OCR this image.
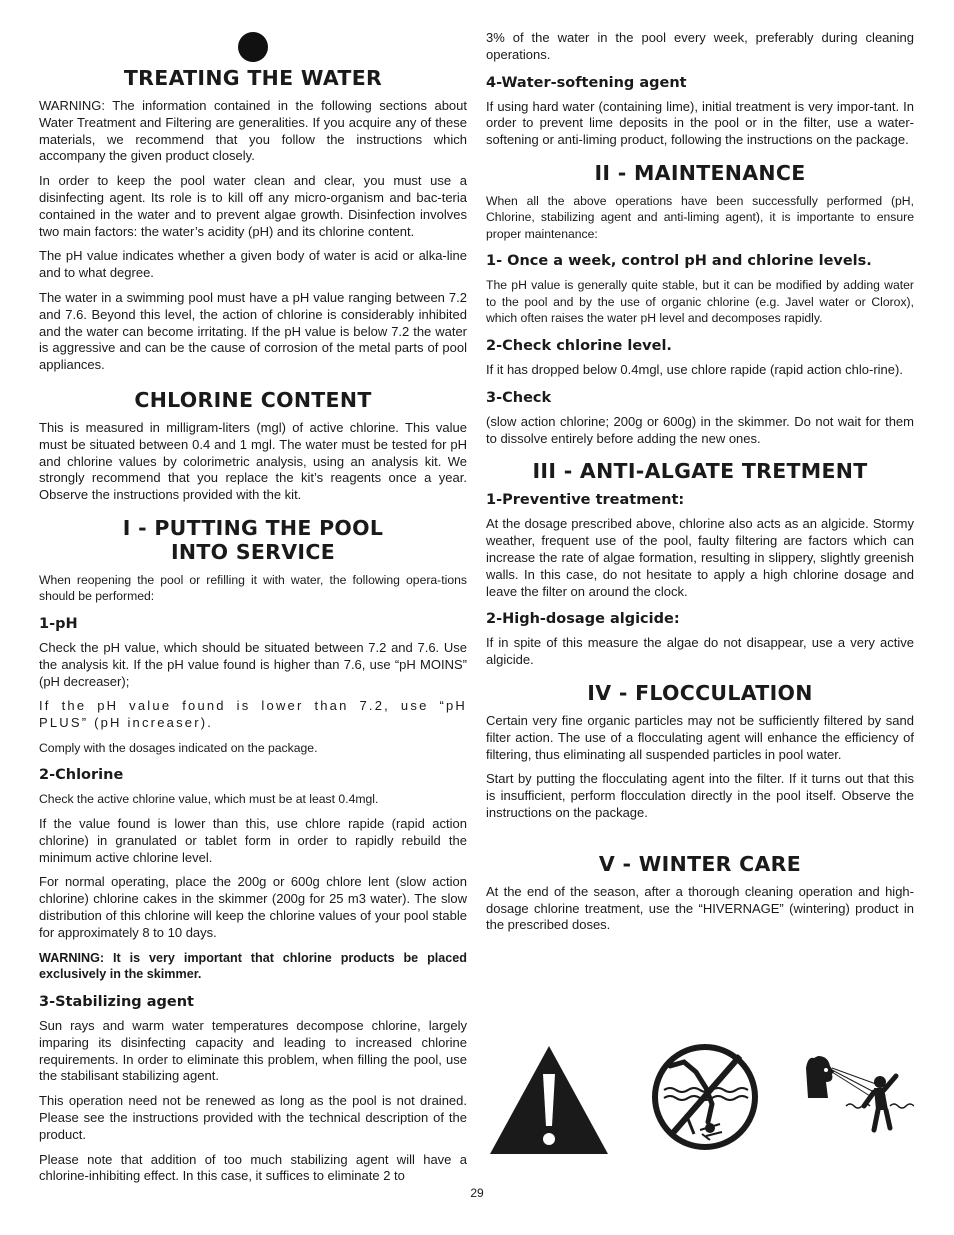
TREATING THE WATER

WARNING: The information contained in the following sections about Water Treatment and Filtering are generalities. If you acquire any of these materials, we recommend that you follow the instructions which accompany the given product closely.

In order to keep the pool water clean and clear, you must use a disinfecting agent. Its role is to kill off any micro-organism and bac-teria contained in the water and to prevent algae growth. Disinfection involves two main factors: the water’s acidity (pH) and its chlorine content.

The pH value indicates whether a given body of water is acid or alka-line and to what degree.

The water in a swimming pool must have a pH value ranging between 7.2 and 7.6. Beyond this level, the action of chlorine is considerably inhibited and the water can become irritating. If the pH value is below 7.2 the water is aggressive and can be the cause of corrosion of the metal parts of pool appliances.

CHLORINE CONTENT

This is measured in milligram-liters (mgl) of active chlorine. This value must be situated between 0.4 and 1 mgl. The water must be tested for pH and chlorine values by colorimetric analysis, using an analysis kit. We strongly recommend that you replace the kit’s reagents once a year. Observe the instructions provided with the kit.

I - PUTTING THE POOL
INTO SERVICE

When reopening the pool or refilling it with water, the following opera-tions should be performed:

1-pH

Check the pH value, which should be situated between 7.2 and 7.6. Use the analysis kit. If the pH value found is higher than 7.6, use “pH MOINS” (pH decreaser);

If the pH value found is lower than 7.2, use “pH PLUS” (pH increaser).

Comply with the dosages indicated on the package.

2-Chlorine

Check the active chlorine value, which must be at least 0.4mgl.

If the value found is lower than this, use chlore rapide (rapid action chlorine) in granulated or tablet form in order to rapidly rebuild the minimum active chlorine level.

For normal operating, place the 200g or 600g chlore lent (slow action chlorine) chlorine cakes in the skimmer (200g for 25 m3 water). The slow distribution of this chlorine will keep the chlorine values of your pool stable for approximately 8 to 10 days.

WARNING: It is very important that chlorine products be placed exclusively in the skimmer.

3-Stabilizing agent

Sun rays and warm water temperatures decompose chlorine, largely imparing its disinfecting capacity and leading to increased chlorine requirements. In order to eliminate this problem, when filling the pool, use the stabilisant stabilizing agent.

This operation need not be renewed as long as the pool is not drained. Please see the instructions provided with the technical description of the product.

Please note that addition of too much stabilizing agent will have a chlorine-inhibiting effect. In this case, it suffices to eliminate 2 to

3% of the water in the pool every week, preferably during cleaning operations.

4-Water-softening agent

If using hard water (containing lime), initial treatment is very impor-tant. In order to prevent lime deposits in the pool or in the filter, use a water-softening or anti-liming product, following the instructions on the package.

II - MAINTENANCE

When all the above operations have been successfully performed (pH, Chlorine, stabilizing agent and anti-liming agent), it is importante to ensure proper maintenance:

1- Once a week, control pH and chlorine levels.

The pH value is generally quite stable, but it can be modified by adding water to the pool and by the use of organic chlorine (e.g. Javel water or Clorox), which often raises the water pH level and decomposes rapidly.

2-Check chlorine level.

If it has dropped below 0.4mgl, use chlore rapide (rapid action chlo-rine).

3-Check

(slow action chlorine; 200g or 600g) in the skimmer. Do not wait for them to dissolve entirely before adding the new ones.

III - ANTI-ALGATE TRETMENT
1-Preventive treatment:

At the dosage prescribed above, chlorine also acts as an algicide. Stormy weather, frequent use of the pool, faulty filtering are factors which can increase the rate of algae formation, resulting in slippery, slightly greenish walls. In this case, do not hesitate to apply a high chlorine dosage and leave the filter on around the clock.

2-High-dosage algicide:

If in spite of this measure the algae do not disappear, use a very active algicide.

IV - FLOCCULATION

Certain very fine organic particles may not be sufficiently filtered by sand filter action. The use of a flocculating agent will enhance the efficiency of filtering, thus eliminating all suspended particles in pool water.

Start by putting the flocculating agent into the filter. If it turns out that this is insufficient, perform flocculation directly in the pool itself. Observe the instructions on the package.

V - WINTER CARE

At the end of the season, after a thorough cleaning operation and high-dosage chlorine treatment, use the “HIVERNAGE” (wintering) product in the prescribed doses.

29
